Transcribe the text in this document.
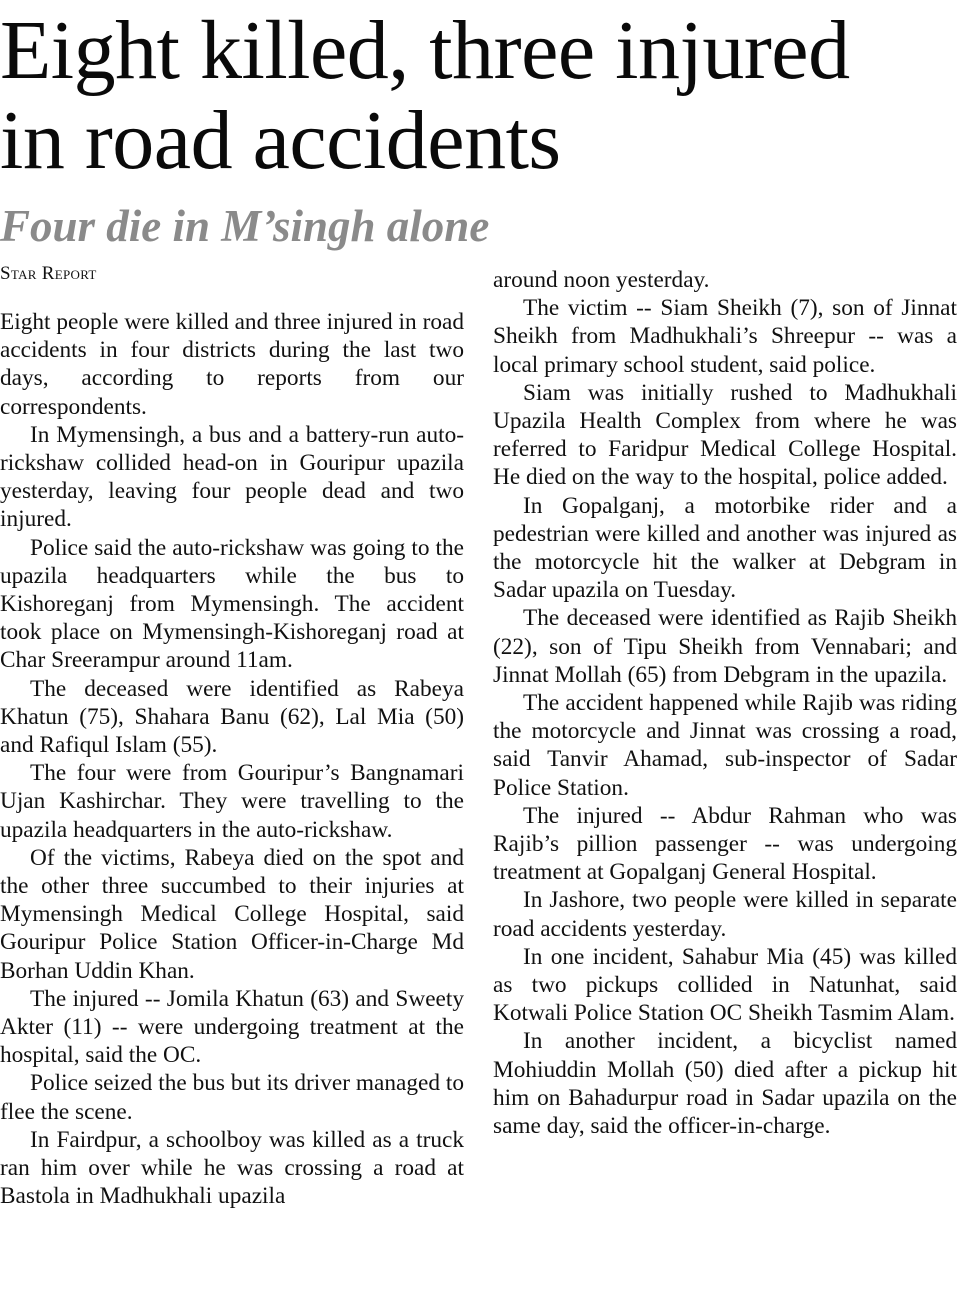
Eight killed, three injured
in road accidents
Four die in M’singh alone
Star Report

Eight people were killed and three injured in road accidents in four districts during the last two days, according to reports from our correspondents.

In Mymensingh, a bus and a battery-run auto-rickshaw collided head-on in Gouripur upazila yesterday, leaving four people dead and two injured.

Police said the auto-rickshaw was going to the upazila headquarters while the bus to Kishoreganj from Mymensingh. The accident took place on Mymensingh-Kishoreganj road at Char Sreerampur around 11am.

The deceased were identified as Rabeya Khatun (75), Shahara Banu (62), Lal Mia (50) and Rafiqul Islam (55).

The four were from Gouripur’s Bangnamari Ujan Kashirchar. They were travelling to the upazila headquarters in the auto-rickshaw.

Of the victims, Rabeya died on the spot and the other three succumbed to their injuries at Mymensingh Medical College Hospital, said Gouripur Police Station Officer-in-Charge Md Borhan Uddin Khan.

The injured -- Jomila Khatun (63) and Sweety Akter (11) -- were undergoing treatment at the hospital, said the OC.

Police seized the bus but its driver managed to flee the scene.

In Fairdpur, a schoolboy was killed as a truck ran him over while he was crossing a road at Bastola in Madhukhali upazila

around noon yesterday.

The victim -- Siam Sheikh (7), son of Jinnat Sheikh from Madhukhali’s Shreepur -- was a local primary school student, said police.

Siam was initially rushed to Madhukhali Upazila Health Complex from where he was referred to Faridpur Medical College Hospital. He died on the way to the hospital, police added.

In Gopalganj, a motorbike rider and a pedestrian were killed and another was injured as the motorcycle hit the walker at Debgram in Sadar upazila on Tuesday.

The deceased were identified as Rajib Sheikh (22), son of Tipu Sheikh from Vennabari; and Jinnat Mollah (65) from Debgram in the upazila.

The accident happened while Rajib was riding the motorcycle and Jinnat was crossing a road, said Tanvir Ahamad, sub-inspector of Sadar Police Station.

The injured -- Abdur Rahman who was Rajib’s pillion passenger -- was undergoing treatment at Gopalganj General Hospital.

In Jashore, two people were killed in separate road accidents yesterday.

In one incident, Sahabur Mia (45) was killed as two pickups collided in Natunhat, said Kotwali Police Station OC Sheikh Tasmim Alam.

In another incident, a bicyclist named Mohiuddin Mollah (50) died after a pickup hit him on Bahadurpur road in Sadar upazila on the same day, said the officer-in-charge.
